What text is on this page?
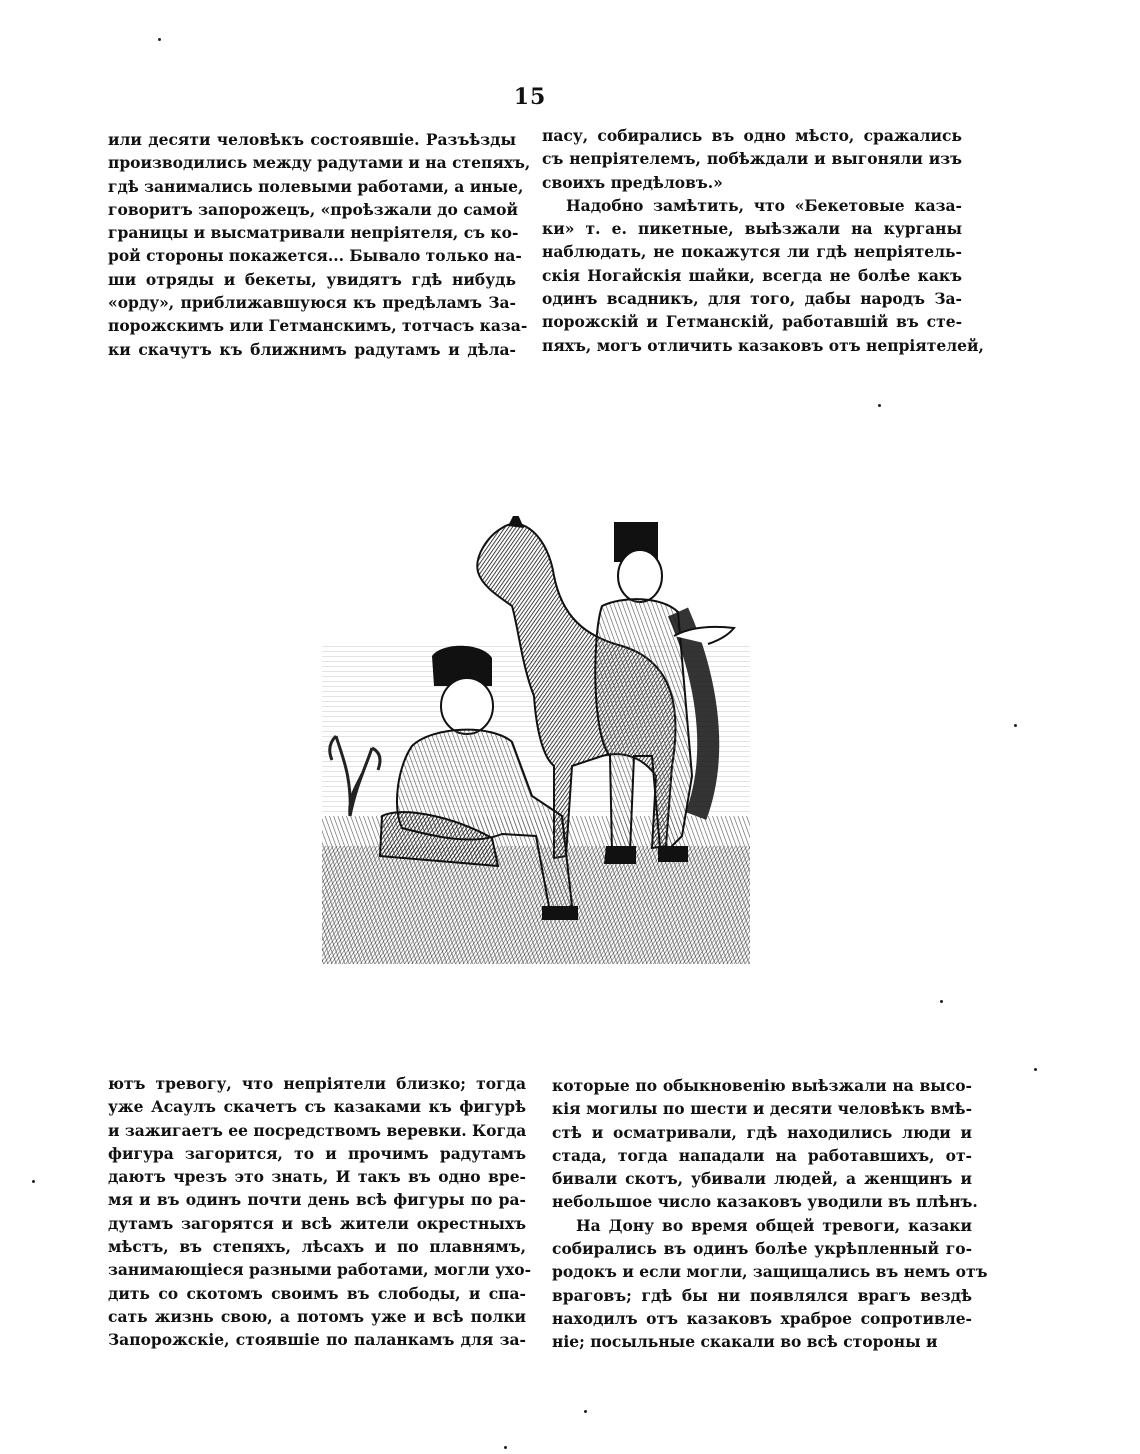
15
или десяти человѣкъ состоявшіе. Разъѣзды
производились между радутами и на степяхъ,
гдѣ занимались полевыми работами, а иные,
говоритъ запорожецъ, «проѣзжали до самой
границы и высматривали непріятеля, съ ко-
рой стороны покажется... Бывало только на-
ши отряды и бекеты, увидятъ гдѣ нибудь
«орду», приближавшуюся къ предѣламъ За-
порожскимъ или Гетманскимъ, тотчасъ каза-
ки скачутъ къ ближнимъ радутамъ и дѣла-
пасу, собирались въ одно мѣсто, сражались
съ непріятелемъ, побѣждали и выгоняли изъ
своихъ предѣловъ.»
Надобно замѣтить, что «Бекетовые каза-
ки» т. е. пикетные, выѣзжали на курганы
наблюдать, не покажутся ли гдѣ непріятель-
скія Ногайскія шайки, всегда не болѣе какъ
одинъ всадникъ, для того, дабы народъ За-
порожскій и Гетманскій, работавшій въ сте-
пяхъ, могъ отличить казаковъ отъ непріятелей,
ютъ тревогу, что непріятели близко; тогда
уже Асаулъ скачетъ съ казаками къ фигурѣ
и зажигаетъ ее посредствомъ веревки. Когда
фигура загорится, то и прочимъ радутамъ
даютъ чрезъ это знать, И такъ въ одно вре-
мя и въ одинъ почти день всѣ фигуры по ра-
дутамъ загорятся и всѣ жители окрестныхъ
мѣстъ, въ степяхъ, лѣсахъ и по плавнямъ,
занимающіеся разными работами, могли ухо-
дить со скотомъ своимъ въ слободы, и спа-
сать жизнь свою, а потомъ уже и всѣ полки
Запорожскіе, стоявшіе по паланкамъ для за-
которые по обыкновенію выѣзжали на высо-
кія могилы по шести и десяти человѣкъ вмѣ-
стѣ и осматривали, гдѣ находились люди и
стада, тогда нападали на работавшихъ, от-
бивали скотъ, убивали людей, а женщинъ и
небольшое число казаковъ уводили въ плѣнъ.
На Дону во время общей тревоги, казаки
собирались въ одинъ болѣе укрѣпленный го-
родокъ и если могли, защищались въ немъ отъ
враговъ; гдѣ бы ни появлялся врагъ вездѣ
находилъ отъ казаковъ храброе сопротивле-
ніе; посыльные скакали во всѣ стороны и
